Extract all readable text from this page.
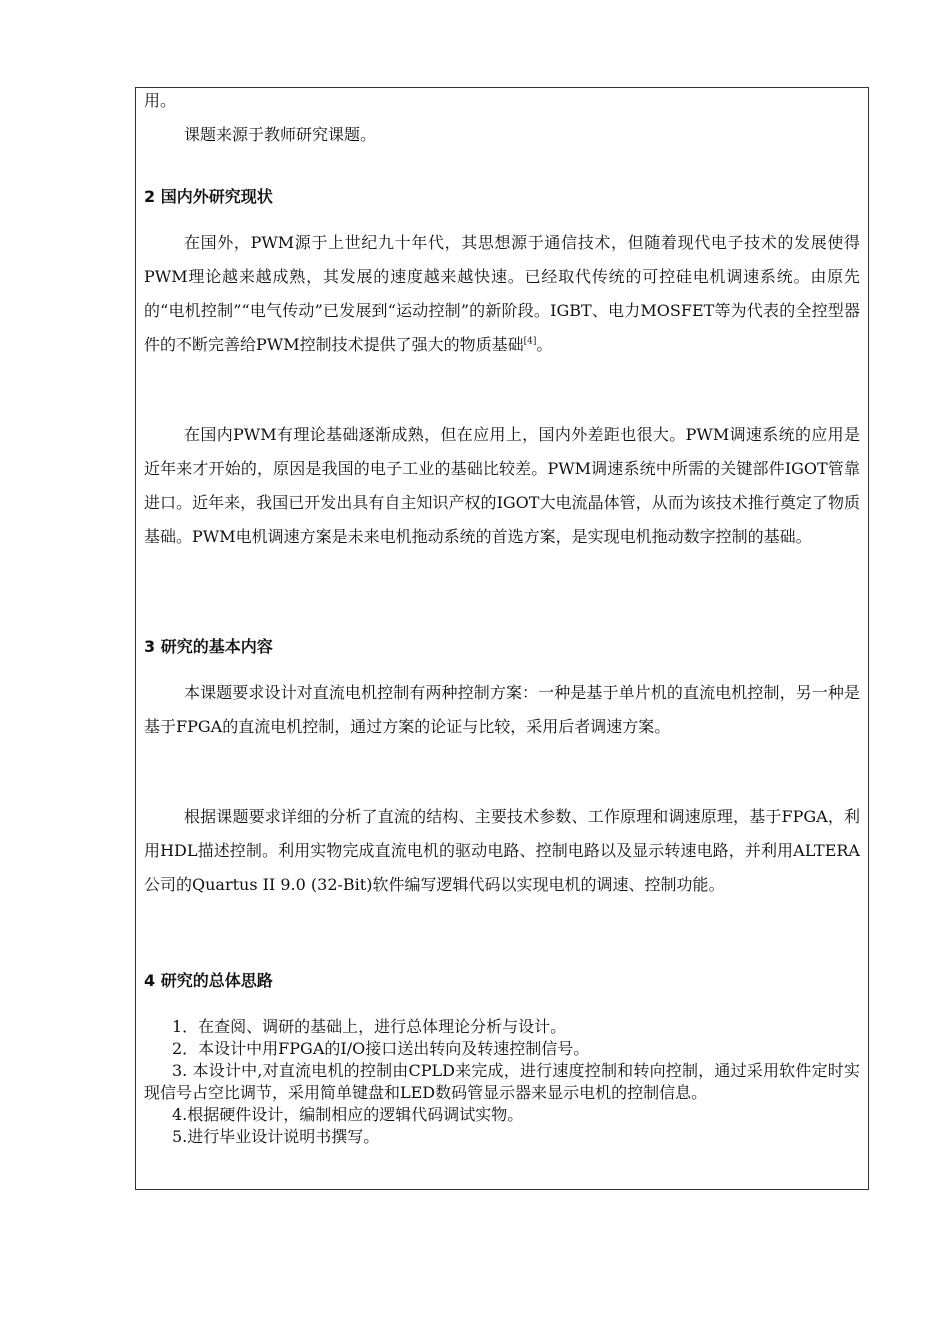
用。

课题来源于教师研究课题。

2 国内外研究现状

在国外，PWM源于上世纪九十年代，其思想源于通信技术，但随着现代电子技术的发展使得PWM理论越来越成熟，其发展的速度越来越快速。已经取代传统的可控硅电机调速系统。由原先的“电机控制”“电气传动”已发展到“运动控制”的新阶段。IGBT、电力MOSFET等为代表的全控型器件的不断完善给PWM控制技术提供了强大的物质基础[4]。

在国内PWM有理论基础逐渐成熟，但在应用上，国内外差距也很大。PWM调速系统的应用是近年来才开始的，原因是我国的电子工业的基础比较差。PWM调速系统中所需的关键部件IGOT管靠进口。近年来，我国已开发出具有自主知识产权的IGOT大电流晶体管，从而为该技术推行奠定了物质基础。PWM电机调速方案是未来电机拖动系统的首选方案，是实现电机拖动数字控制的基础。

3 研究的基本内容

本课题要求设计对直流电机控制有两种控制方案：一种是基于单片机的直流电机控制，另一种是基于FPGA的直流电机控制，通过方案的论证与比较，采用后者调速方案。

根据课题要求详细的分析了直流的结构、主要技术参数、工作原理和调速原理，基于FPGA，利用HDL描述控制。利用实物完成直流电机的驱动电路、控制电路以及显示转速电路，并利用ALTERA公司的Quartus II 9.0 (32-Bit)软件编写逻辑代码以实现电机的调速、控制功能。

4 研究的总体思路

1．在查阅、调研的基础上，进行总体理论分析与设计。

2．本设计中用FPGA的I/O接口送出转向及转速控制信号。

3. 本设计中,对直流电机的控制由CPLD来完成，进行速度控制和转向控制，通过采用软件定时实现信号占空比调节，采用简单键盘和LED数码管显示器来显示电机的控制信息。

4.根据硬件设计，编制相应的逻辑代码调试实物。

5.进行毕业设计说明书撰写。
